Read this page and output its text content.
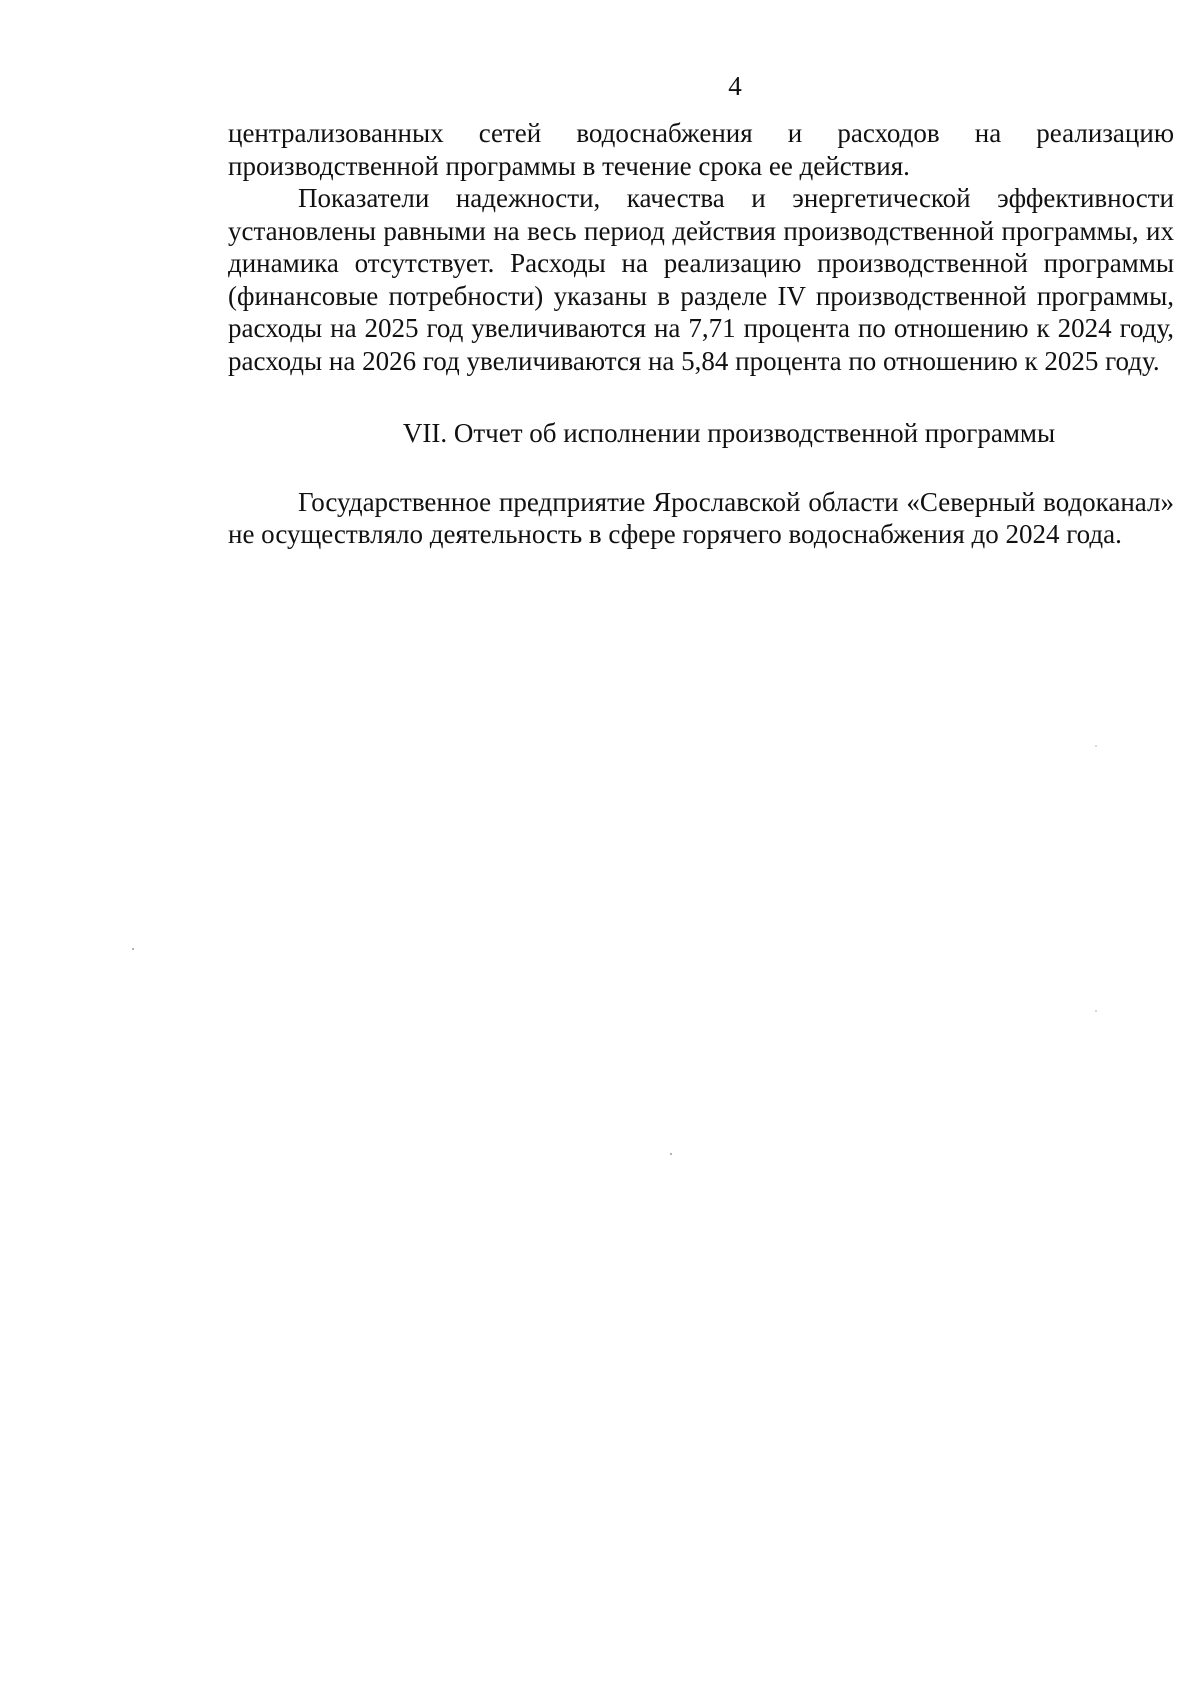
4

централизованных сетей водоснабжения и расходов на реализацию производственной программы в течение срока ее действия.

Показатели надежности, качества и энергетической эффективности установлены равными на весь период действия производственной программы, их динамика отсутствует. Расходы на реализацию производственной программы (финансовые потребности) указаны в разделе IV производственной программы, расходы на 2025 год увеличиваются на 7,71 процента по отношению к 2024 году, расходы на 2026 год увеличиваются на 5,84 процента по отношению к 2025 году.

VII. Отчет об исполнении производственной программы

Государственное предприятие Ярославской области «Северный водоканал» не осуществляло деятельность в сфере горячего водоснабжения до 2024 года.
